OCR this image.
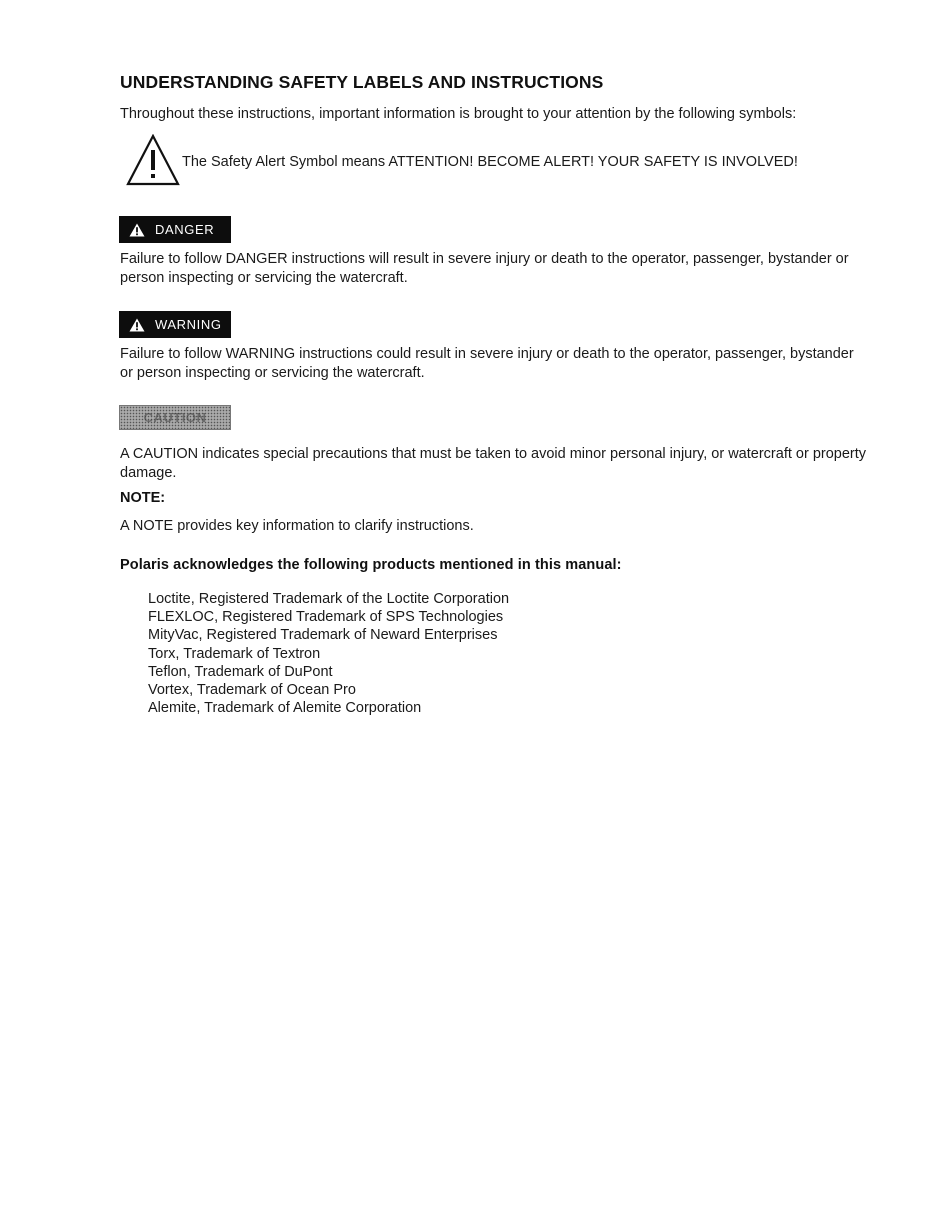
UNDERSTANDING SAFETY LABELS AND INSTRUCTIONS

Throughout these instructions, important information is brought to your attention by the following symbols:

The Safety Alert Symbol means ATTENTION! BECOME ALERT! YOUR SAFETY IS INVOLVED!
DANGER

Failure to follow DANGER instructions will result in severe injury or death to the operator, passenger, bystander or person inspecting or servicing the watercraft.

WARNING

Failure to follow WARNING instructions could result in severe injury or death to the operator, passenger, bystander or person inspecting or servicing the watercraft.

CAUTION

A CAUTION indicates special precautions that must be taken to avoid minor personal injury, or watercraft or property damage.

NOTE:

A NOTE provides key information to clarify instructions.

Polaris acknowledges the following products mentioned in this manual:
Loctite, Registered Trademark of the Loctite Corporation
FLEXLOC, Registered Trademark of SPS Technologies
MityVac, Registered Trademark of Neward Enterprises
Torx, Trademark of Textron
Teflon, Trademark of DuPont
Vortex, Trademark of Ocean Pro
Alemite, Trademark of Alemite Corporation
